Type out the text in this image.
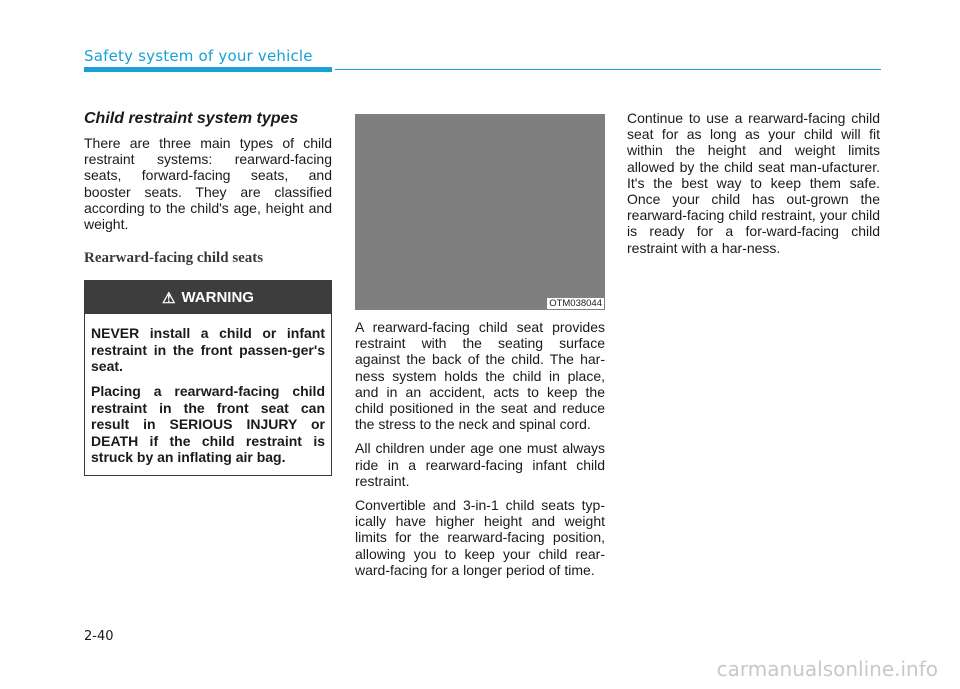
Safety system of your vehicle
Child restraint system types

There are three main types of child restraint systems: rearward-facing seats, forward-facing seats, and booster seats. They are classified according to the child's age, height and weight.

Rearward-facing child seats
⚠ WARNING

NEVER install a child or infant restraint in the front passen-ger's seat.

Placing a rearward-facing child restraint in the front seat can result in SERIOUS INJURY or DEATH if the child restraint is struck by an inflating air bag.

OTM038044

A rearward-facing child seat provides restraint with the seating surface against the back of the child. The har-ness system holds the child in place, and in an accident, acts to keep the child positioned in the seat and reduce the stress to the neck and spinal cord.

All children under age one must always ride in a rearward-facing infant child restraint.

Convertible and 3-in-1 child seats typ-ically have higher height and weight limits for the rearward-facing position, allowing you to keep your child rear-ward-facing for a longer period of time.

Continue to use a rearward-facing child seat for as long as your child will fit within the height and weight limits allowed by the child seat man-ufacturer. It's the best way to keep them safe. Once your child has out-grown the rearward-facing child restraint, your child is ready for a for-ward-facing child restraint with a har-ness.

2-40
carmanualsonline.info
